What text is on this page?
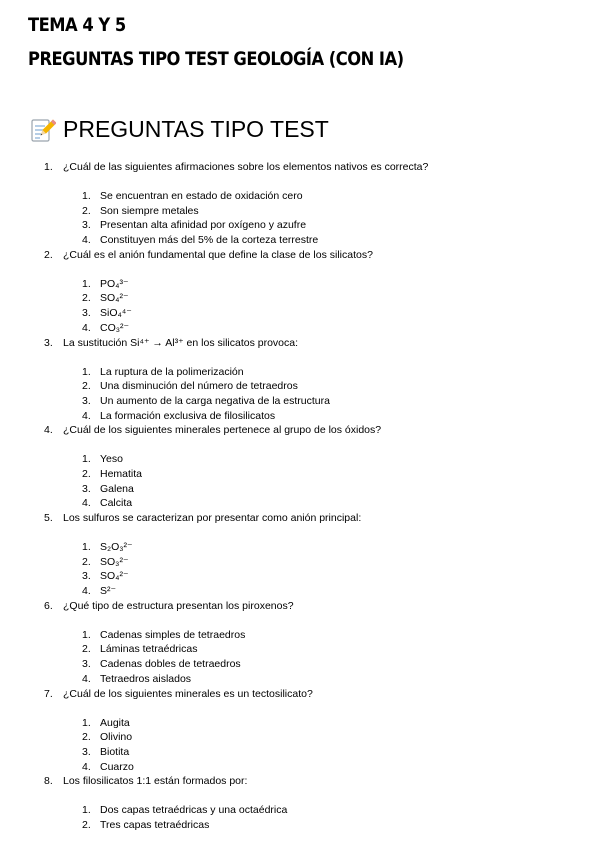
TEMA 4 Y 5
PREGUNTAS TIPO TEST GEOLOGÍA (CON IA)
PREGUNTAS TIPO TEST
1. ¿Cuál de las siguientes afirmaciones sobre los elementos nativos es correcta?
1. Se encuentran en estado de oxidación cero
2. Son siempre metales
3. Presentan alta afinidad por oxígeno y azufre
4. Constituyen más del 5% de la corteza terrestre
2. ¿Cuál es el anión fundamental que define la clase de los silicatos?
1. PO₄³⁻
2. SO₄²⁻
3. SiO₄⁴⁻
4. CO₃²⁻
3. La sustitución Si⁴⁺ → Al³⁺ en los silicatos provoca:
1. La ruptura de la polimerización
2. Una disminución del número de tetraedros
3. Un aumento de la carga negativa de la estructura
4. La formación exclusiva de filosilicatos
4. ¿Cuál de los siguientes minerales pertenece al grupo de los óxidos?
1. Yeso
2. Hematita
3. Galena
4. Calcita
5. Los sulfuros se caracterizan por presentar como anión principal:
1. S₂O₃²⁻
2. SO₃²⁻
3. SO₄²⁻
4. S²⁻
6. ¿Qué tipo de estructura presentan los piroxenos?
1. Cadenas simples de tetraedros
2. Láminas tetraédricas
3. Cadenas dobles de tetraedros
4. Tetraedros aislados
7. ¿Cuál de los siguientes minerales es un tectosilicato?
1. Augita
2. Olivino
3. Biotita
4. Cuarzo
8. Los filosilicatos 1:1 están formados por:
1. Dos capas tetraédricas y una octaédrica
2. Tres capas tetraédricas
